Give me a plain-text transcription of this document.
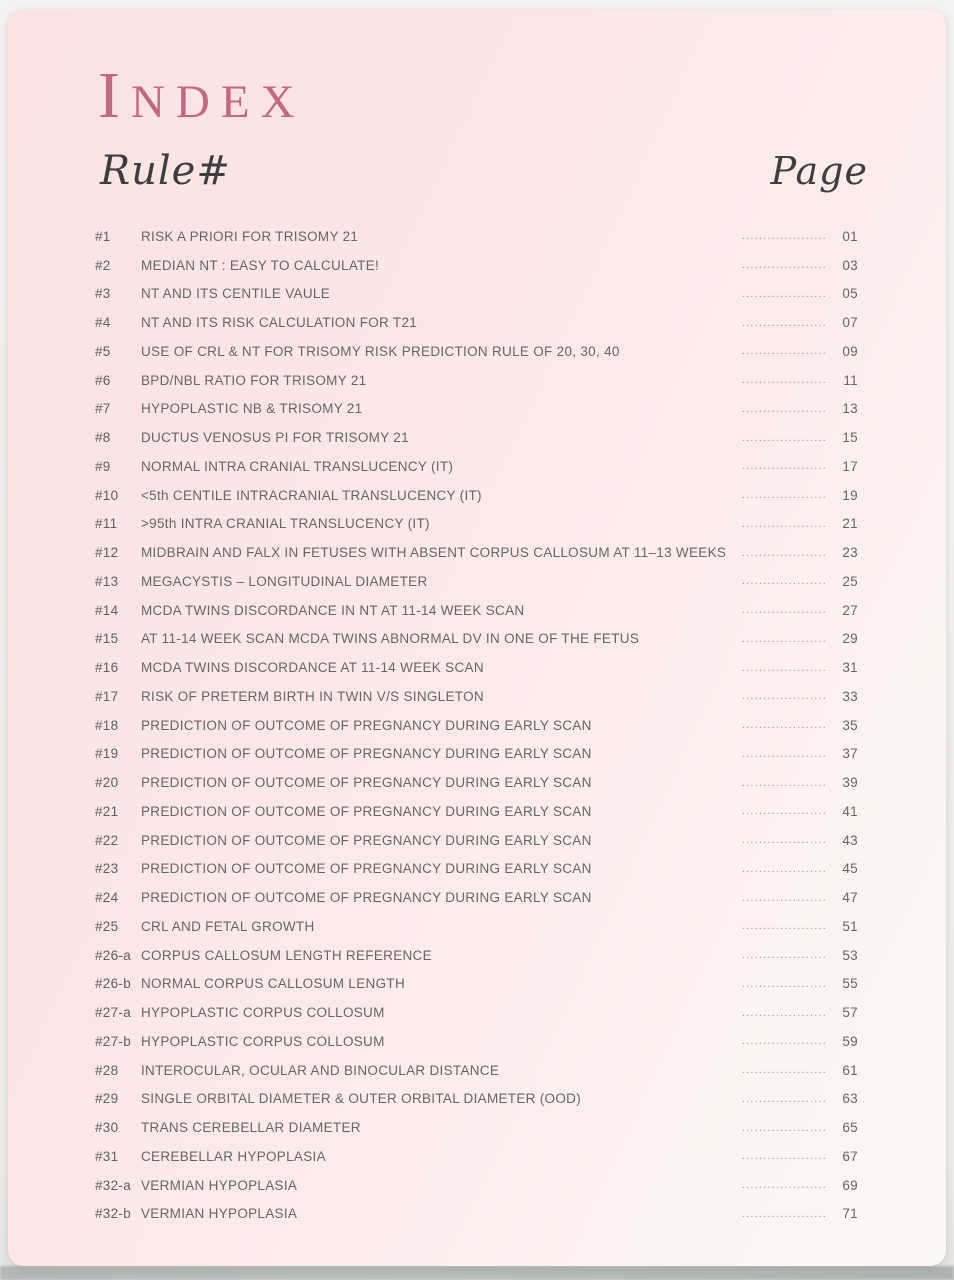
INDEX
Rule#	Page
#1	RISK A PRIORI FOR TRISOMY 21	....................	01
#2	MEDIAN NT : EASY TO CALCULATE!	....................	03
#3	NT AND ITS CENTILE VAULE	....................	05
#4	NT AND ITS RISK CALCULATION FOR T21	....................	07
#5	USE OF CRL & NT FOR TRISOMY RISK PREDICTION RULE OF 20, 30, 40	....................	09
#6	BPD/NBL RATIO FOR TRISOMY 21	....................	11
#7	HYPOPLASTIC NB & TRISOMY 21	....................	13
#8	DUCTUS VENOSUS PI FOR TRISOMY 21	....................	15
#9	NORMAL INTRA CRANIAL TRANSLUCENCY (IT)	....................	17
#10	<5th CENTILE INTRACRANIAL TRANSLUCENCY (IT)	....................	19
#11	>95th INTRA CRANIAL TRANSLUCENCY (IT)	....................	21
#12	MIDBRAIN AND FALX IN FETUSES WITH ABSENT CORPUS CALLOSUM AT 11–13 WEEKS ....................	23
#13	MEGACYSTIS – LONGITUDINAL DIAMETER	....................	25
#14	MCDA TWINS DISCORDANCE IN NT AT 11-14 WEEK SCAN	....................	27
#15	AT 11-14 WEEK SCAN MCDA TWINS ABNORMAL DV IN ONE OF THE FETUS	....................	29
#16	MCDA TWINS DISCORDANCE AT 11-14 WEEK SCAN	....................	31
#17	RISK OF PRETERM BIRTH IN TWIN V/S SINGLETON	....................	33
#18	PREDICTION OF OUTCOME OF PREGNANCY DURING EARLY SCAN	....................	35
#19	PREDICTION OF OUTCOME OF PREGNANCY DURING EARLY SCAN	....................	37
#20	PREDICTION OF OUTCOME OF PREGNANCY DURING EARLY SCAN	....................	39
#21	PREDICTION OF OUTCOME OF PREGNANCY DURING EARLY SCAN	....................	41
#22	PREDICTION OF OUTCOME OF PREGNANCY DURING EARLY SCAN	....................	43
#23	PREDICTION OF OUTCOME OF PREGNANCY DURING EARLY SCAN	....................	45
#24	PREDICTION OF OUTCOME OF PREGNANCY DURING EARLY SCAN	....................	47
#25	CRL AND FETAL GROWTH	....................	51
#26-a CORPUS CALLOSUM LENGTH REFERENCE	....................	53
#26-b NORMAL CORPUS CALLOSUM LENGTH	....................	55
#27-a HYPOPLASTIC CORPUS COLLOSUM	....................	57
#27-b HYPOPLASTIC CORPUS COLLOSUM	....................	59
#28	INTEROCULAR, OCULAR AND BINOCULAR DISTANCE	....................	61
#29	SINGLE ORBITAL DIAMETER & OUTER ORBITAL DIAMETER (OOD)	....................	63
#30	TRANS CEREBELLAR DIAMETER	....................	65
#31	CEREBELLAR HYPOPLASIA	....................	67
#32-a VERMIAN HYPOPLASIA	....................	69
#32-b VERMIAN HYPOPLASIA	....................	71
